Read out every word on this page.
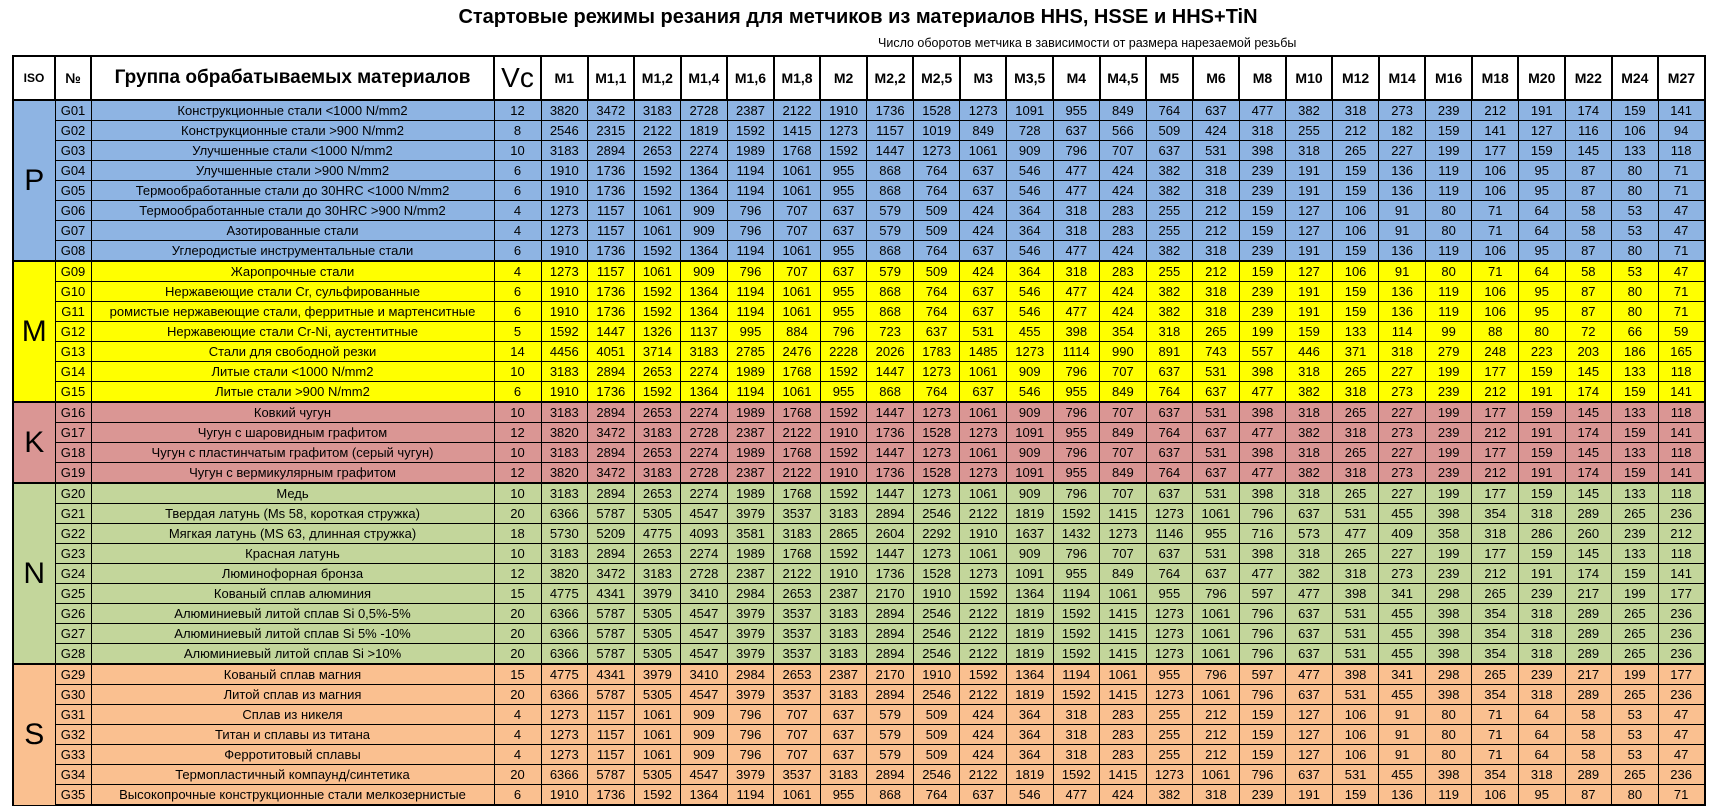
Стартовые режимы резания для метчиков из материалов HHS, HSSE и HHS+TiN
Число оборотов метчика в зависимости от размера нарезаемой резьбы
ISO	№	Группа обрабатываемых материалов	Vc	M1	M1,1	M1,2	M1,4	M1,6	M1,8	M2	M2,2	M2,5	M3	M3,5	M4	M4,5	M5	M6	M8	M10	M12	M14	M16	M18	M20	M22	M24	M27
P	G01	Конструкционные стали <1000 N/mm2	12	3820	3472	3183	2728	2387	2122	1910	1736	1528	1273	1091	955	849	764	637	477	382	318	273	239	212	191	174	159	141
	G02	Конструкционные стали >900 N/mm2	8	2546	2315	2122	1819	1592	1415	1273	1157	1019	849	728	637	566	509	424	318	255	212	182	159	141	127	116	106	94
	G03	Улучшенные стали <1000 N/mm2	10	3183	2894	2653	2274	1989	1768	1592	1447	1273	1061	909	796	707	637	531	398	318	265	227	199	177	159	145	133	118
	G04	Улучшенные стали >900 N/mm2	6	1910	1736	1592	1364	1194	1061	955	868	764	637	546	477	424	382	318	239	191	159	136	119	106	95	87	80	71
	G05	Термообработанные стали до 30HRC <1000 N/mm2	6	1910	1736	1592	1364	1194	1061	955	868	764	637	546	477	424	382	318	239	191	159	136	119	106	95	87	80	71
	G06	Термообработанные стали до 30HRC >900 N/mm2	4	1273	1157	1061	909	796	707	637	579	509	424	364	318	283	255	212	159	127	106	91	80	71	64	58	53	47
	G07	Азотированные стали	4	1273	1157	1061	909	796	707	637	579	509	424	364	318	283	255	212	159	127	106	91	80	71	64	58	53	47
	G08	Углеродистые инструментальные стали	6	1910	1736	1592	1364	1194	1061	955	868	764	637	546	477	424	382	318	239	191	159	136	119	106	95	87	80	71
M	G09	Жаропрочные стали	4	1273	1157	1061	909	796	707	637	579	509	424	364	318	283	255	212	159	127	106	91	80	71	64	58	53	47
	G10	Нержавеющие стали Cr, сульфированные	6	1910	1736	1592	1364	1194	1061	955	868	764	637	546	477	424	382	318	239	191	159	136	119	106	95	87	80	71
	G11	ромистые нержавеющие стали, ферритные и мартенситные	6	1910	1736	1592	1364	1194	1061	955	868	764	637	546	477	424	382	318	239	191	159	136	119	106	95	87	80	71
	G12	Нержавеющие стали Cr-Ni, аустентитные	5	1592	1447	1326	1137	995	884	796	723	637	531	455	398	354	318	265	199	159	133	114	99	88	80	72	66	59
	G13	Стали для свободной резки	14	4456	4051	3714	3183	2785	2476	2228	2026	1783	1485	1273	1114	990	891	743	557	446	371	318	279	248	223	203	186	165
	G14	Литые стали <1000 N/mm2	10	3183	2894	2653	2274	1989	1768	1592	1447	1273	1061	909	796	707	637	531	398	318	265	227	199	177	159	145	133	118
	G15	Литые стали >900 N/mm2	6	1910	1736	1592	1364	1194	1061	955	868	764	637	546	955	849	764	637	477	382	318	273	239	212	191	174	159	141
K	G16	Ковкий чугун	10	3183	2894	2653	2274	1989	1768	1592	1447	1273	1061	909	796	707	637	531	398	318	265	227	199	177	159	145	133	118
	G17	Чугун с шаровидным графитом	12	3820	3472	3183	2728	2387	2122	1910	1736	1528	1273	1091	955	849	764	637	477	382	318	273	239	212	191	174	159	141
	G18	Чугун с пластинчатым графитом (серый чугун)	10	3183	2894	2653	2274	1989	1768	1592	1447	1273	1061	909	796	707	637	531	398	318	265	227	199	177	159	145	133	118
	G19	Чугун с вермикулярным графитом	12	3820	3472	3183	2728	2387	2122	1910	1736	1528	1273	1091	955	849	764	637	477	382	318	273	239	212	191	174	159	141
N	G20	Медь	10	3183	2894	2653	2274	1989	1768	1592	1447	1273	1061	909	796	707	637	531	398	318	265	227	199	177	159	145	133	118
	G21	Твердая латунь (Ms 58, короткая стружка)	20	6366	5787	5305	4547	3979	3537	3183	2894	2546	2122	1819	1592	1415	1273	1061	796	637	531	455	398	354	318	289	265	236
	G22	Мягкая латунь (MS 63, длинная стружка)	18	5730	5209	4775	4093	3581	3183	2865	2604	2292	1910	1637	1432	1273	1146	955	716	573	477	409	358	318	286	260	239	212
	G23	Красная латунь	10	3183	2894	2653	2274	1989	1768	1592	1447	1273	1061	909	796	707	637	531	398	318	265	227	199	177	159	145	133	118
	G24	Люминофорная бронза	12	3820	3472	3183	2728	2387	2122	1910	1736	1528	1273	1091	955	849	764	637	477	382	318	273	239	212	191	174	159	141
	G25	Кованый сплав алюминия	15	4775	4341	3979	3410	2984	2653	2387	2170	1910	1592	1364	1194	1061	955	796	597	477	398	341	298	265	239	217	199	177
	G26	Алюминиевый литой сплав Si 0,5%-5%	20	6366	5787	5305	4547	3979	3537	3183	2894	2546	2122	1819	1592	1415	1273	1061	796	637	531	455	398	354	318	289	265	236
	G27	Алюминиевый литой сплав Si 5% -10%	20	6366	5787	5305	4547	3979	3537	3183	2894	2546	2122	1819	1592	1415	1273	1061	796	637	531	455	398	354	318	289	265	236
	G28	Алюминиевый литой сплав Si >10%	20	6366	5787	5305	4547	3979	3537	3183	2894	2546	2122	1819	1592	1415	1273	1061	796	637	531	455	398	354	318	289	265	236
S	G29	Кованый сплав магния	15	4775	4341	3979	3410	2984	2653	2387	2170	1910	1592	1364	1194	1061	955	796	597	477	398	341	298	265	239	217	199	177
	G30	Литой сплав из магния	20	6366	5787	5305	4547	3979	3537	3183	2894	2546	2122	1819	1592	1415	1273	1061	796	637	531	455	398	354	318	289	265	236
	G31	Сплав из никеля	4	1273	1157	1061	909	796	707	637	579	509	424	364	318	283	255	212	159	127	106	91	80	71	64	58	53	47
	G32	Титан и сплавы из титана	4	1273	1157	1061	909	796	707	637	579	509	424	364	318	283	255	212	159	127	106	91	80	71	64	58	53	47
	G33	Ферротитовый сплавы	4	1273	1157	1061	909	796	707	637	579	509	424	364	318	283	255	212	159	127	106	91	80	71	64	58	53	47
	G34	Термопластичный компаунд/синтетика	20	6366	5787	5305	4547	3979	3537	3183	2894	2546	2122	1819	1592	1415	1273	1061	796	637	531	455	398	354	318	289	265	236
	G35	Высокопрочные конструкционные стали мелкозернистые	6	1910	1736	1592	1364	1194	1061	955	868	764	637	546	477	424	382	318	239	191	159	136	119	106	95	87	80	71
